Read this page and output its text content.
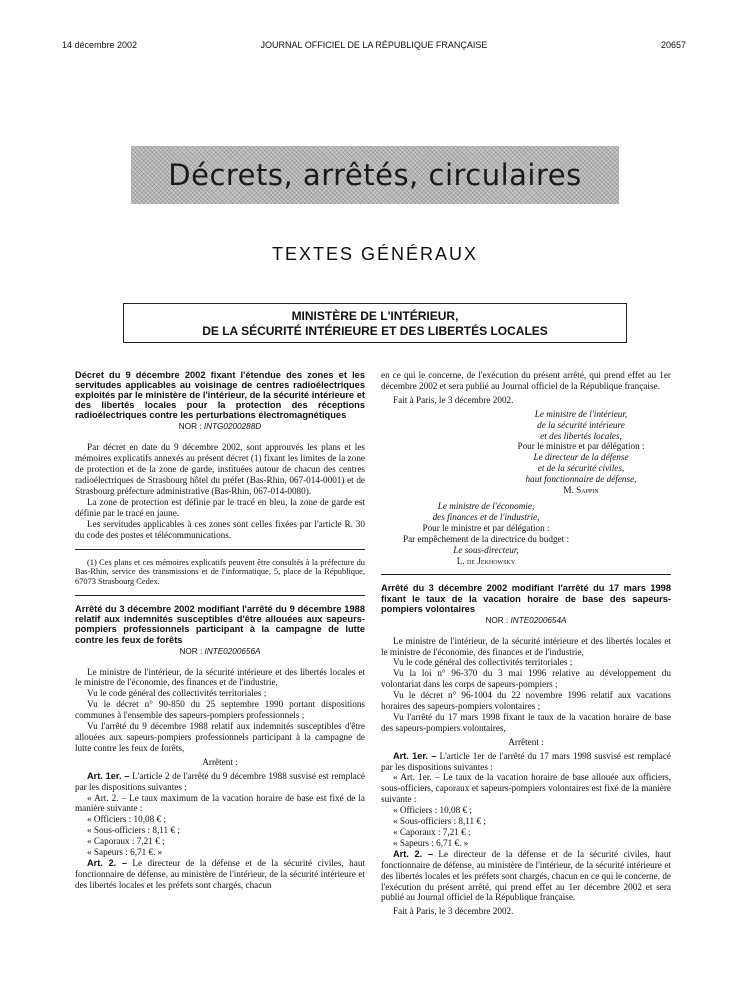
14 décembre 2002	JOURNAL OFFICIEL DE LA RÉPUBLIQUE FRANÇAISE	20657
Décrets, arrêtés, circulaires
TEXTES GÉNÉRAUX
MINISTÈRE DE L'INTÉRIEUR,
DE LA SÉCURITÉ INTÉRIEURE ET DES LIBERTÉS LOCALES
Décret du 9 décembre 2002 fixant l'étendue des zones et les servitudes applicables au voisinage de centres radioélectriques exploités par le ministère de l'intérieur, de la sécurité intérieure et des libertés locales pour la protection des réceptions radioélectriques contre les perturbations électromagnétiques
NOR : INTG0200288D

Par décret en date du 9 décembre 2002, sont approuvés les plans et les mémoires explicatifs annexés au présent décret (1) fixant les limites de la zone de protection et de la zone de garde, instituées autour de chacun des centres radioélectriques de Strasbourg hôtel du préfet (Bas-Rhin, 067-014-0001) et de Strasbourg préfecture administrative (Bas-Rhin, 067-014-0080).

La zone de protection est définie par le tracé en bleu, la zone de garde est définie par le tracé en jaune.

Les servitudes applicables à ces zones sont celles fixées par l'article R. 30 du code des postes et télécommunications.

(1) Ces plans et ces mémoires explicatifs peuvent être consultés à la préfecture du Bas-Rhin, service des transmissions et de l'informatique, 5, place de la République, 67073 Strasbourg Cedex.

Arrêté du 3 décembre 2002 modifiant l'arrêté du 9 décembre 1988 relatif aux indemnités susceptibles d'être allouées aux sapeurs-pompiers professionnels participant à la campagne de lutte contre les feux de forêts
NOR : INTE0200656A

Le ministre de l'intérieur, de la sécurité intérieure et des libertés locales et le ministre de l'économie, des finances et de l'industrie,

Vu le code général des collectivités territoriales ;

Vu le décret n° 90-850 du 25 septembre 1990 portant dispositions communes à l'ensemble des sapeurs-pompiers professionnels ;

Vu l'arrêté du 9 décembre 1988 relatif aux indemnités susceptibles d'être allouées aux sapeurs-pompiers professionnels participant à la campagne de lutte contre les feux de forêts,

Arrêtent :

Art. 1er. – L'article 2 de l'arrêté du 9 décembre 1988 susvisé est remplacé par les dispositions suivantes :

« Art. 2. – Le taux maximum de la vacation horaire de base est fixé de la manière suivante :

« Officiers : 10,08 € ;

« Sous-officiers : 8,11 € ;

« Caporaux : 7,21 € ;

« Sapeurs : 6,71 €. »

Art. 2. – Le directeur de la défense et de la sécurité civiles, haut fonctionnaire de défense, au ministère de l'intérieur, de la sécurité intérieure et des libertés locales et les préfets sont chargés, chacun

en ce qui le concerne, de l'exécution du présent arrêté, qui prend effet au 1er décembre 2002 et sera publié au Journal officiel de la République française.

Fait à Paris, le 3 décembre 2002.

Le ministre de l'intérieur,

de la sécurité intérieure

et des libertés locales,

Pour le ministre et par délégation :

Le directeur de la défense

et de la sécurité civiles,

haut fonctionnaire de défense,

M. Sappin

Le ministre de l'économie,

des finances et de l'industrie,

Pour le ministre et par délégation :

Par empêchement de la directrice du budget :

Le sous-directeur,

L. de Jekhowsky

Arrêté du 3 décembre 2002 modifiant l'arrêté du 17 mars 1998 fixant le taux de la vacation horaire de base des sapeurs-pompiers volontaires
NOR : INTE0200654A

Le ministre de l'intérieur, de la sécurité intérieure et des libertés locales et le ministre de l'économie, des finances et de l'industrie,

Vu le code général des collectivités territoriales ;

Vu la loi n° 96-370 du 3 mai 1996 relative au développement du volontariat dans les corps de sapeurs-pompiers ;

Vu le décret n° 96-1004 du 22 novembre 1996 relatif aux vacations horaires des sapeurs-pompiers volontaires ;

Vu l'arrêté du 17 mars 1998 fixant le taux de la vacation horaire de base des sapeurs-pompiers volontaires,

Arrêtent :

Art. 1er. – L'article 1er de l'arrêté du 17 mars 1998 susvisé est remplacé par les dispositions suivantes :

« Art. 1er. – Le taux de la vacation horaire de base allouée aux officiers, sous-officiers, caporaux et sapeurs-pompiers volontaires est fixé de la manière suivante :

« Officiers : 10,08 € ;

« Sous-officiers : 8,11 € ;

« Caporaux : 7,21 € ;

« Sapeurs : 6,71 €. »

Art. 2. – Le directeur de la défense et de la sécurité civiles, haut fonctionnaire de défense, au ministère de l'intérieur, de la sécurité intérieure et des libertés locales et les préfets sont chargés, chacun en ce qui le concerne, de l'exécution du présent arrêté, qui prend effet au 1er décembre 2002 et sera publié au Journal officiel de la République française.

Fait à Paris, le 3 décembre 2002.
